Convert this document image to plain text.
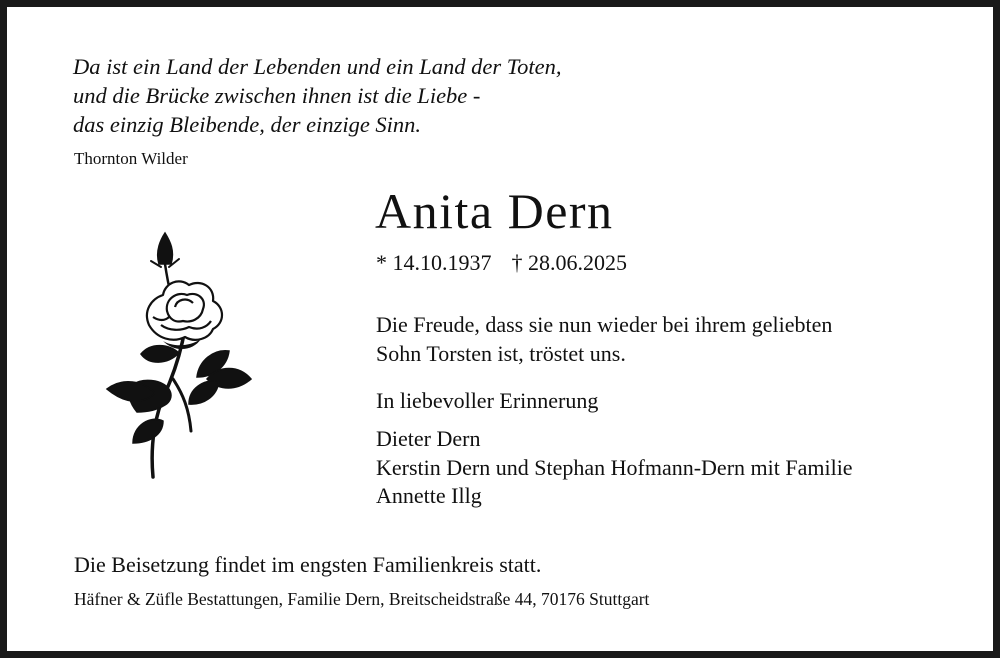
Da ist ein Land der Lebenden und ein Land der Toten,
und die Brücke zwischen ihnen ist die Liebe -
das einzig Bleibende, der einzige Sinn.
Thornton Wilder
Anita Dern
* 14.10.1937 † 28.06.2025
Die Freude, dass sie nun wieder bei ihrem geliebten
Sohn Torsten ist, tröstet uns.
In liebevoller Erinnerung
Dieter Dern
Kerstin Dern und Stephan Hofmann-Dern mit Familie
Annette Illg
Die Beisetzung findet im engsten Familienkreis statt.
Häfner & Züfle Bestattungen, Familie Dern, Breitscheidstraße 44, 70176 Stuttgart
